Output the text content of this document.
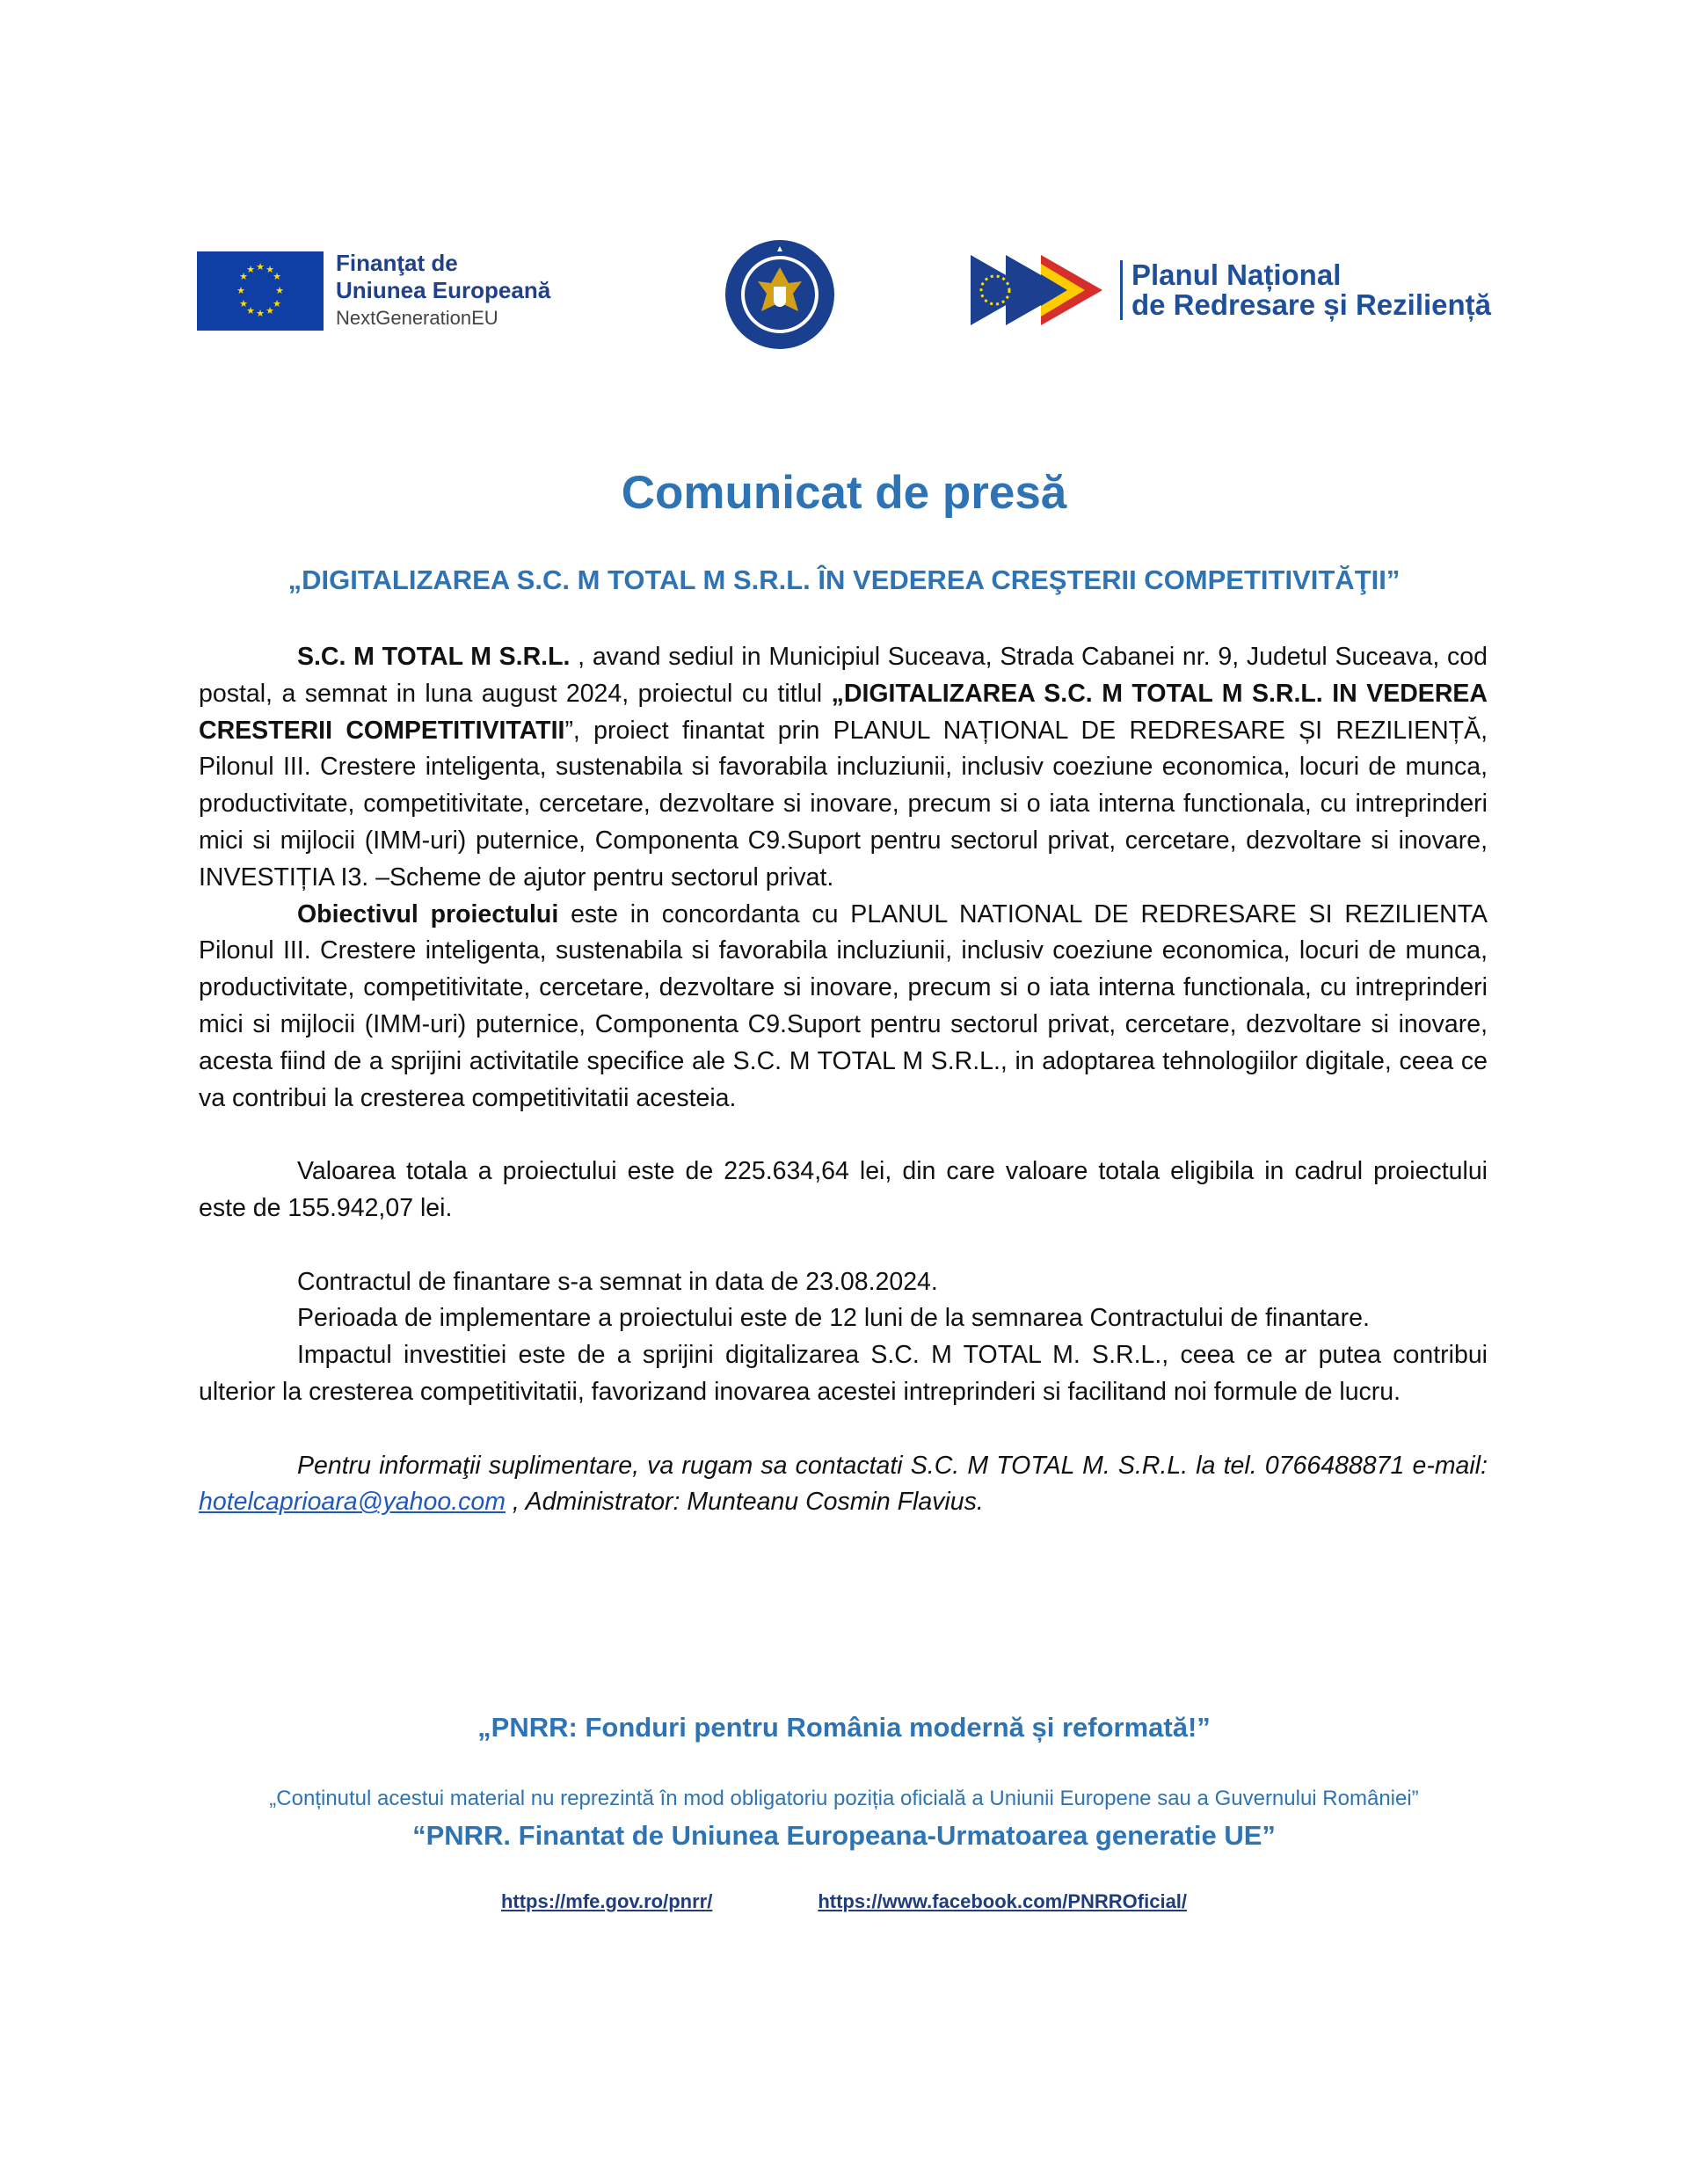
★ ★
★
★
★
★
★
★
★
★
★
★	Finanţat de
Uniunea Europeană
NextGenerationEU
Planul Național
de Redresare și Reziliență
Comunicat de presă
„DIGITALIZAREA S.C. M TOTAL M S.R.L. ÎN VEDEREA CREŞTERII COMPETITIVITĂŢII”

S.C. M TOTAL M S.R.L. , avand sediul in Municipiul Suceava, Strada Cabanei nr. 9, Judetul Suceava, cod postal, a semnat in luna august 2024, proiectul cu titlul „DIGITALIZAREA S.C. M TOTAL M S.R.L. IN VEDEREA CRESTERII COMPETITIVITATII”, proiect finantat prin PLANUL NAȚIONAL DE REDRESARE ȘI REZILIENȚĂ, Pilonul III. Crestere inteligenta, sustenabila si favorabila incluziunii, inclusiv coeziune economica, locuri de munca, productivitate, competitivitate, cercetare, dezvoltare si inovare, precum si o iata interna functionala, cu intreprinderi mici si mijlocii (IMM-uri) puternice, Componenta C9.Suport pentru sectorul privat, cercetare, dezvoltare si inovare, INVESTIȚIA I3. –Scheme de ajutor pentru sectorul privat.

Obiectivul proiectului este in concordanta cu PLANUL NATIONAL DE REDRESARE SI REZILIENTA Pilonul III. Crestere inteligenta, sustenabila si favorabila incluziunii, inclusiv coeziune economica, locuri de munca, productivitate, competitivitate, cercetare, dezvoltare si inovare, precum si o iata interna functionala, cu intreprinderi mici si mijlocii (IMM-uri) puternice, Componenta C9.Suport pentru sectorul privat, cercetare, dezvoltare si inovare, acesta fiind de a sprijini activitatile specifice ale S.C. M TOTAL M S.R.L., in adoptarea tehnologiilor digitale, ceea ce va contribui la cresterea competitivitatii acesteia.

Valoarea totala a proiectului este de 225.634,64 lei, din care valoare totala eligibila in cadrul proiectului este de 155.942,07 lei.

Contractul de finantare s-a semnat in data de 23.08.2024.

Perioada de implementare a proiectului este de 12 luni de la semnarea Contractului de finantare.

Impactul investitiei este de a sprijini digitalizarea S.C. M TOTAL M. S.R.L., ceea ce ar putea contribui ulterior la cresterea competitivitatii, favorizand inovarea acestei intreprinderi si facilitand noi formule de lucru.

Pentru informaţii suplimentare, va rugam sa contactati S.C. M TOTAL M. S.R.L. la tel. 0766488871 e-mail: hotelcaprioara@yahoo.com , Administrator: Munteanu Cosmin Flavius.

„PNRR: Fonduri pentru România modernă și reformată!”
„Conținutul acestui material nu reprezintă în mod obligatoriu poziția oficială a Uniunii Europene sau a Guvernului României”
“PNRR. Finantat de Uniunea Europeana-Urmatoarea generatie UE”
https://mfe.gov.ro/pnrr/	https://www.facebook.com/PNRROficial/
